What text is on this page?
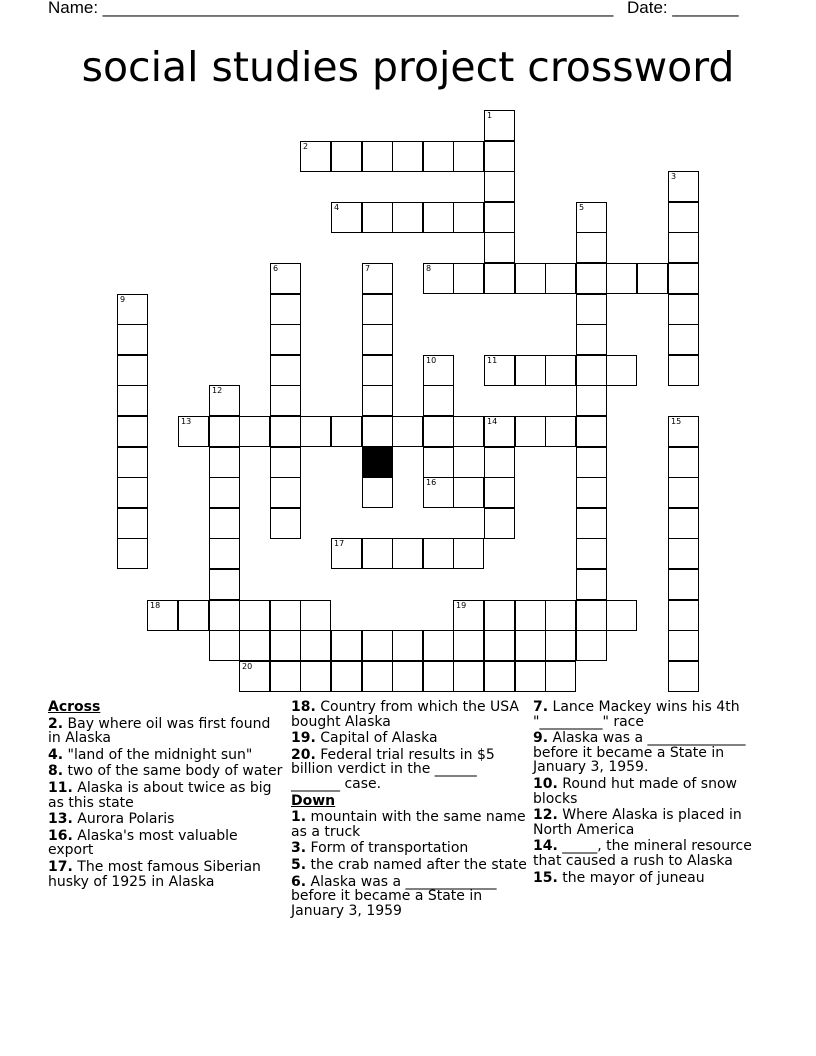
Name: ______________________________________________________ Date: _______
social studies project crossword
2
4
8
11
13	14
16
17
18	19
20
1
3
5
6	7
9
10
12
15
Across
2. Bay where oil was first found in Alaska
4. "land of the midnight sun"
8. two of the same body of water
11. Alaska is about twice as big as this state
13. Aurora Polaris
16. Alaska's most valuable export
17. The most famous Siberian husky of 1925 in Alaska
18. Country from which the USA bought Alaska
19. Capital of Alaska
20. Federal trial results in $5 billion verdict in the ______ _______ case.
Down
1. mountain with the same name as a truck
3. Form of transportation
5. the crab named after the state
6. Alaska was a _____________ before it became a State in January 3, 1959
7. Lance Mackey wins his 4th "_________" race
9. Alaska was a ______________ before it became a State in January 3, 1959.
10. Round hut made of snow blocks
12. Where Alaska is placed in North America
14. _____, the mineral resource that caused a rush to Alaska
15. the mayor of juneau
